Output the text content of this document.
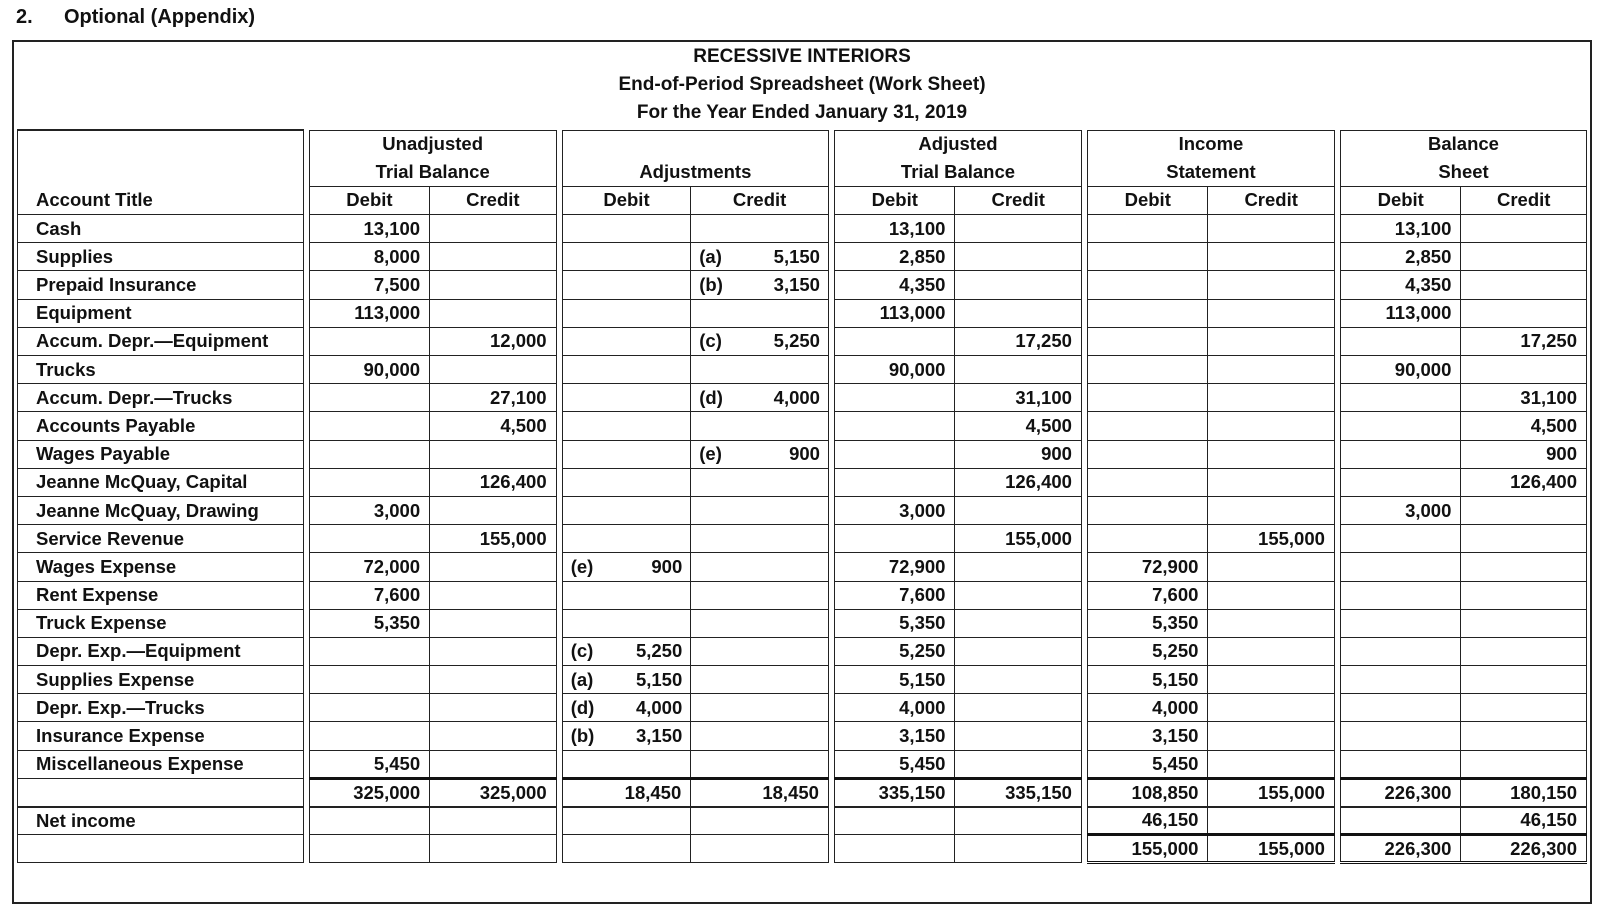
2. Optional (Appendix)
RECESSIVE INTERIORS
End-of-Period Spreadsheet (Work Sheet)
For the Year Ended January 31, 2019
		Unadjusted						Adjusted			Income			Balance	
		Trial Balance			Adjustments			Trial Balance			Statement			Sheet	
Account Title		Debit	Credit		Debit	Credit		Debit	Credit		Debit	Credit		Debit	Credit
Cash		13,100						13,100						13,100	
Supplies		8,000				(a) 5,150		2,850						2,850	
Prepaid Insurance		7,500				(b) 3,150		4,350						4,350	
Equipment		113,000						113,000						113,000	
Accum. Depr.—Equipment			12,000			(c) 5,250			17,250						17,250
Trucks		90,000						90,000						90,000	
Accum. Depr.—Trucks			27,100			(d) 4,000			31,100						31,100
Accounts Payable			4,500						4,500						4,500
Wages Payable						(e) 900			900						900
Jeanne McQuay, Capital			126,400						126,400						126,400
Jeanne McQuay, Drawing		3,000						3,000						3,000	
Service Revenue			155,000						155,000			155,000			
Wages Expense		72,000			(e) 900			72,900			72,900				
Rent Expense		7,600						7,600			7,600				
Truck Expense		5,350						5,350			5,350				
Depr. Exp.—Equipment					(c) 5,250			5,250			5,250				
Supplies Expense					(a) 5,150			5,150			5,150				
Depr. Exp.—Trucks					(d) 4,000			4,000			4,000				
Insurance Expense					(b) 3,150			3,150			3,150				
Miscellaneous Expense		5,450						5,450			5,450				
		325,000	325,000		18,450	18,450		335,150	335,150		108,850	155,000		226,300	180,150
Net income											46,150				46,150
											155,000	155,000		226,300	226,300
